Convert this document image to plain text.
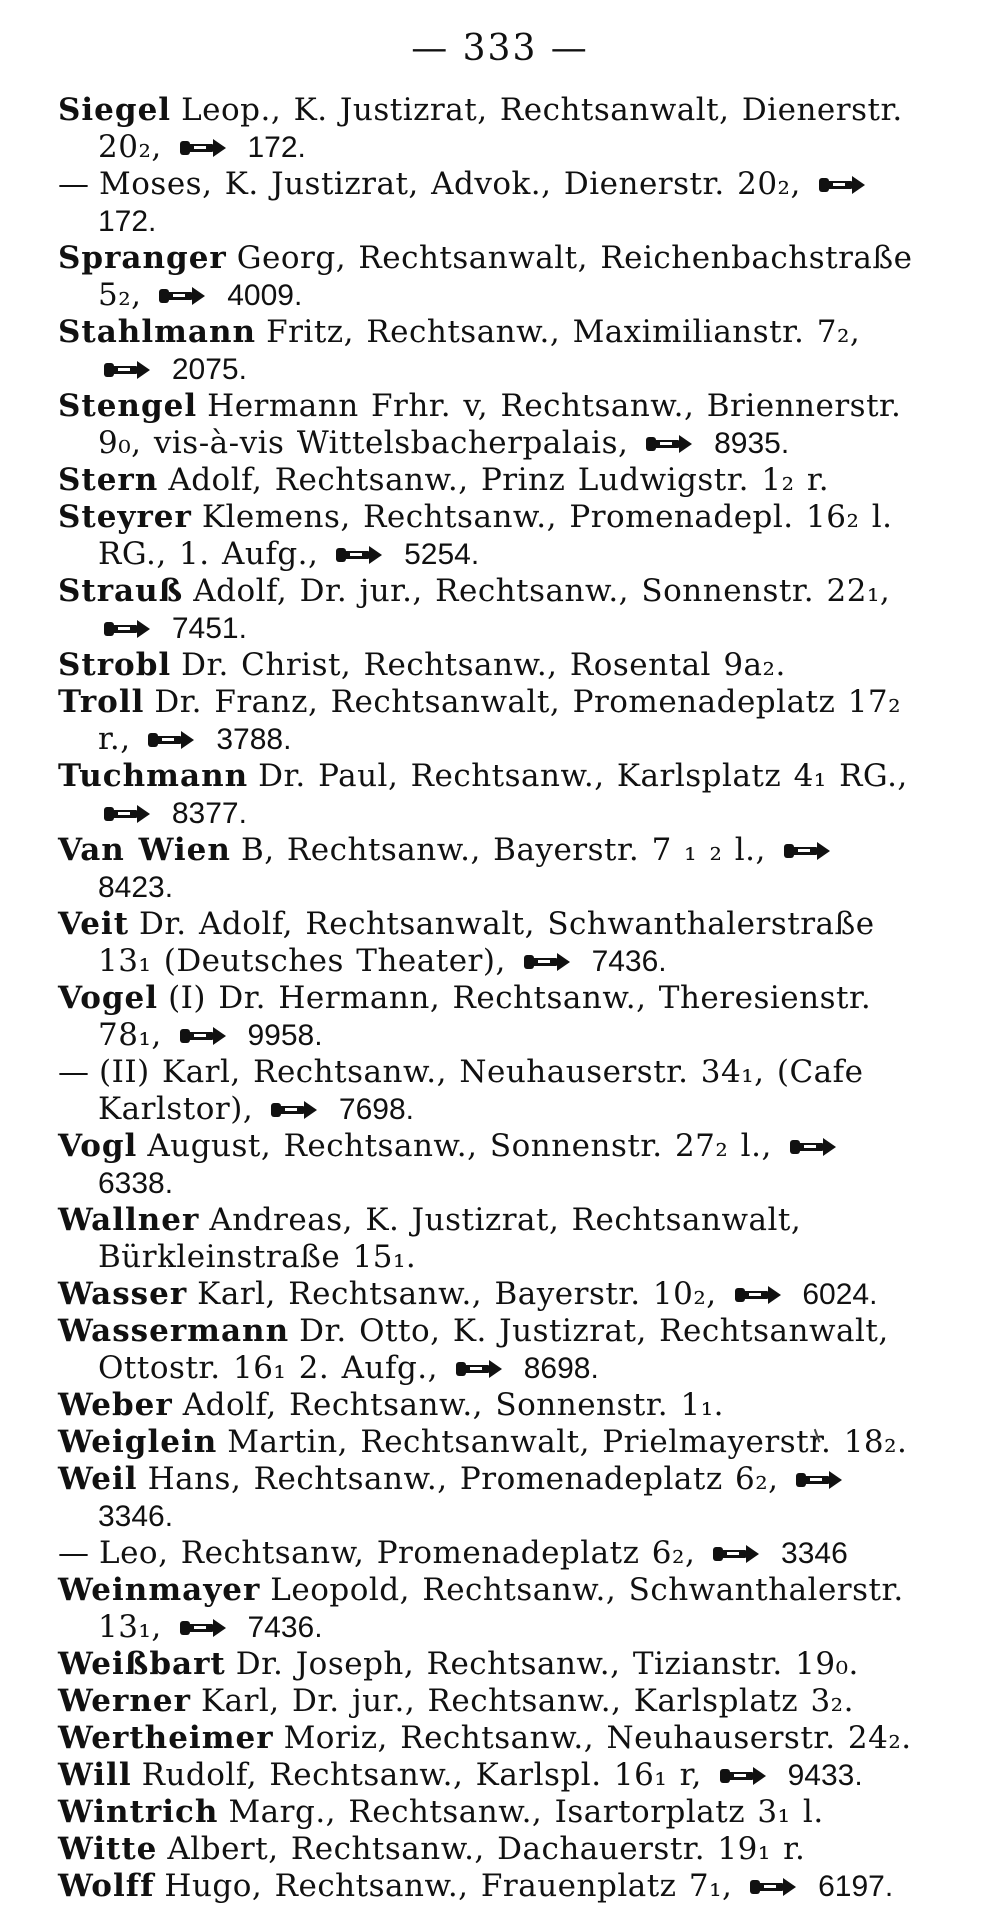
— 333 —

Siegel Leop., K. Justizrat, Rechtsanwalt, Dienerstr. 20₂,	172.

— Moses, K. Justizrat, Advok., Dienerstr. 20₂,
172.

Spranger Georg, Rechtsanwalt, Reichenbachstraße 5₂,	4009.

Stahlmann Fritz, Rechtsanw., Maximilianstr. 7₂,
2075.

Stengel Hermann Frhr. v, Rechtsanw., Briennerstr. 9₀, vis-à-vis Wittelsbacherpalais,	8935.

Stern Adolf, Rechtsanw., Prinz Ludwigstr. 1₂ r.

Steyrer Klemens, Rechtsanw., Promenadepl. 16₂ l. RG., 1. Aufg.,	5254.

Strauß Adolf, Dr. jur., Rechtsanw., Sonnenstr. 22₁,
7451.

Strobl Dr. Christ, Rechtsanw., Rosental 9a₂.

Troll Dr. Franz, Rechtsanwalt, Promenadeplatz 17₂ r.,	3788.

Tuchmann Dr. Paul, Rechtsanw., Karlsplatz 4₁ RG.,
8377.

Van Wien B, Rechtsanw., Bayerstr. 7 ₁ ₂ l.,
8423.

Veit Dr. Adolf, Rechtsanwalt, Schwanthalerstraße 13₁ (Deutsches Theater),	7436.

Vogel (I) Dr. Hermann, Rechtsanw., Theresienstr. 78₁,	9958.

— (II) Karl, Rechtsanw., Neuhauserstr. 34₁, (Cafe Karlstor),	7698.

Vogl August, Rechtsanw., Sonnenstr. 27₂ l.,
6338.

Wallner Andreas, K. Justizrat, Rechtsanwalt, Bürkleinstraße 15₁.

Wasser Karl, Rechtsanw., Bayerstr. 10₂,	6024.

Wassermann Dr. Otto, K. Justizrat, Rechtsanwalt, Ottostr. 16₁ 2. Aufg.,	8698.

Weber Adolf, Rechtsanw., Sonnenstr. 1₁.

Weiglein Martin, Rechtsanwalt, Prielmayerstr. 18₂.

Weil Hans, Rechtsanw., Promenadeplatz 6₂,
3346.

— Leo, Rechtsanw, Promenadeplatz 6₂,	3346

Weinmayer Leopold, Rechtsanw., Schwanthalerstr. 13₁,	7436.

Weißbart Dr. Joseph, Rechtsanw., Tizianstr. 19₀.

Werner Karl, Dr. jur., Rechtsanw., Karlsplatz 3₂.

Wertheimer Moriz, Rechtsanw., Neuhauserstr. 24₂.

Will Rudolf, Rechtsanw., Karlspl. 16₁ r,	9433.

Wintrich Marg., Rechtsanw., Isartorplatz 3₁ l.

Witte Albert, Rechtsanw., Dachauerstr. 19₁ r.

Wolff Hugo, Rechtsanw., Frauenplatz 7₁,	6197.
